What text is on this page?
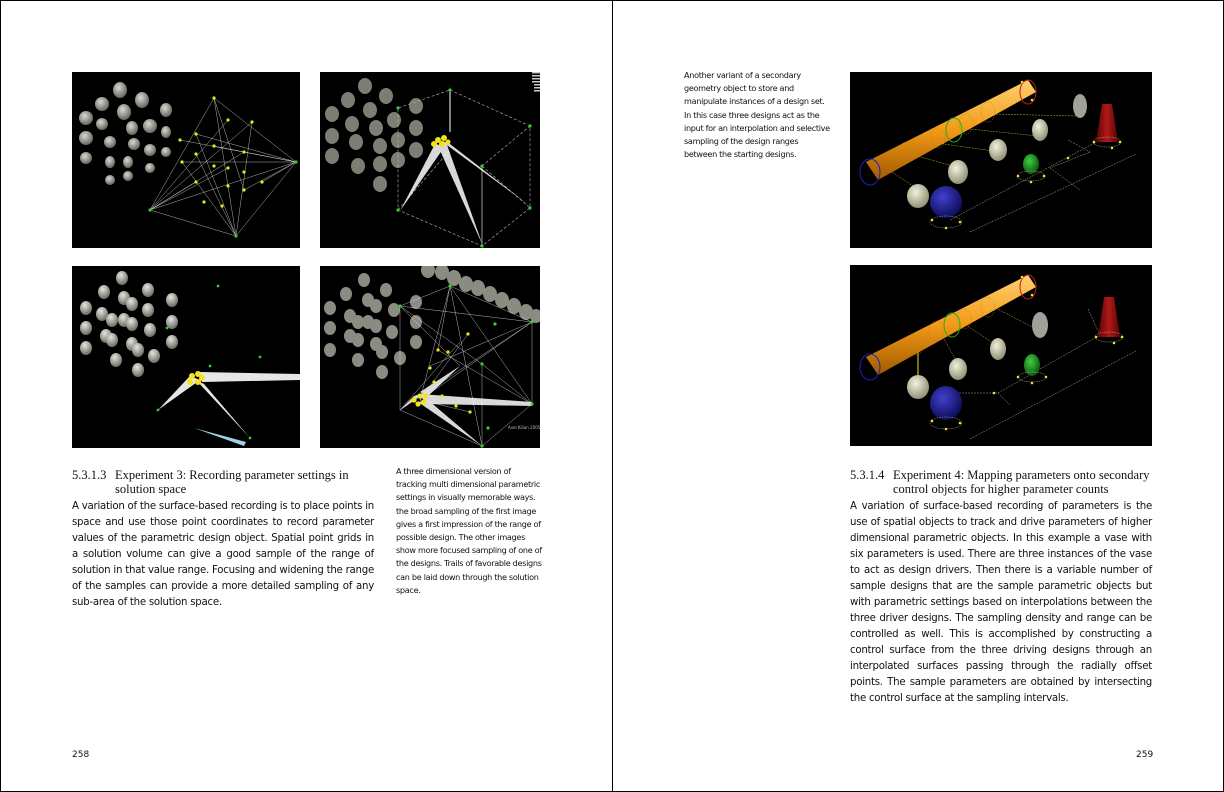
Axel Kilian 2005
5.3.1.3 Experiment 3: Recording parameter settings in
solution space
A variation of the surface-based recording is to place points in space and use those point coordinates to record parameter values of the parametric design object. Spatial point grids in a solution volume can give a good sample of the range of solution in that value range. Focusing and widening the range of the samples can provide a more detailed sampling of any sub-area of the solution space.
A three dimensional version of tracking multi dimensional parametric settings in visually memorable ways. the broad sampling of the first image gives a first impression of the range of possible design. The other images show more focused sampling of one of the designs. Trails of favorable designs can be laid down through the solution space.
258
Another variant of a secondary geometry object to store and manipulate instances of a design set. In this case three designs act as the input for an interpolation and selective sampling of the design ranges between the starting designs.
5.3.1.4 Experiment 4: Mapping parameters onto secondary
control objects for higher parameter counts
A variation of surface-based recording of parameters is the use of spatial objects to track and drive parameters of higher dimensional parametric objects. In this example a vase with six parameters is used. There are three instances of the vase to act as design drivers. Then there is a variable number of sample designs that are the sample parametric objects but with parametric settings based on interpolations between the three driver designs. The sampling density and range can be controlled as well. This is accomplished by constructing a control surface from the three driving designs through an interpolated surfaces passing through the radially offset points. The sample parameters are obtained by intersecting the control surface at the sampling intervals.
259
